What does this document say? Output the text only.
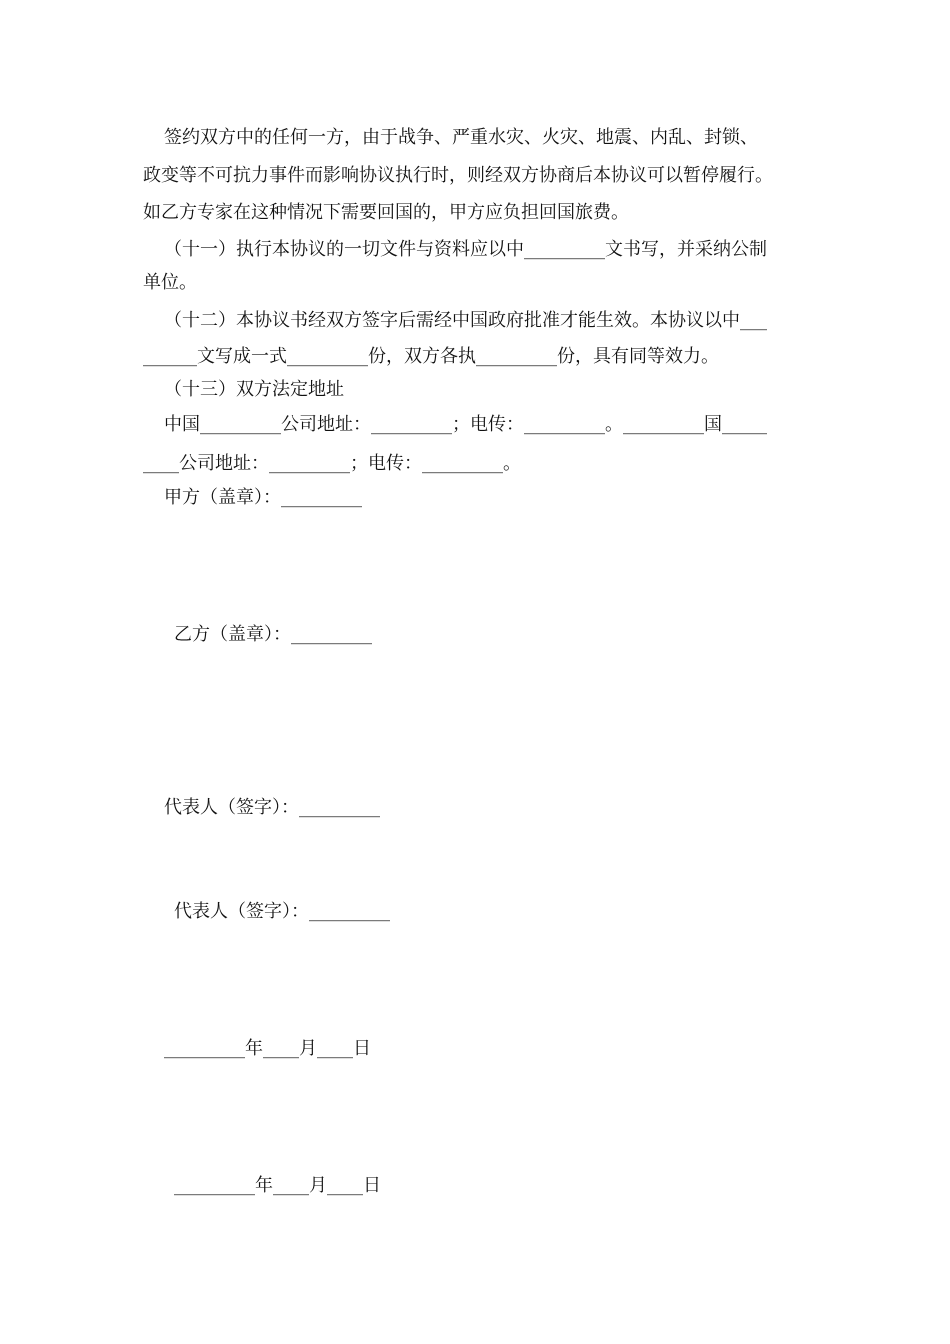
签约双方中的任何一方，由于战争、严重水灾、火灾、地震、内乱、封锁、
政变等不可抗力事件而影响协议执行时，则经双方协商后本协议可以暂停履行。
如乙方专家在这种情况下需要回国的，甲方应负担回国旅费。
（十一）执行本协议的一切文件与资料应以中_________文书写，并采纳公制
单位。
（十二）本协议书经双方签字后需经中国政府批准才能生效。本协议以中___
______文写成一式_________份，双方各执_________份，具有同等效力。
（十三）双方法定地址
中国_________公司地址：_________；电传：_________。_________国_____
____公司地址：_________；电传：_________。
甲方（盖章）：_________
乙方（盖章）：_________
代表人（签字）：_________
代表人（签字）：_________
_________年____月____日
_________年____月____日
